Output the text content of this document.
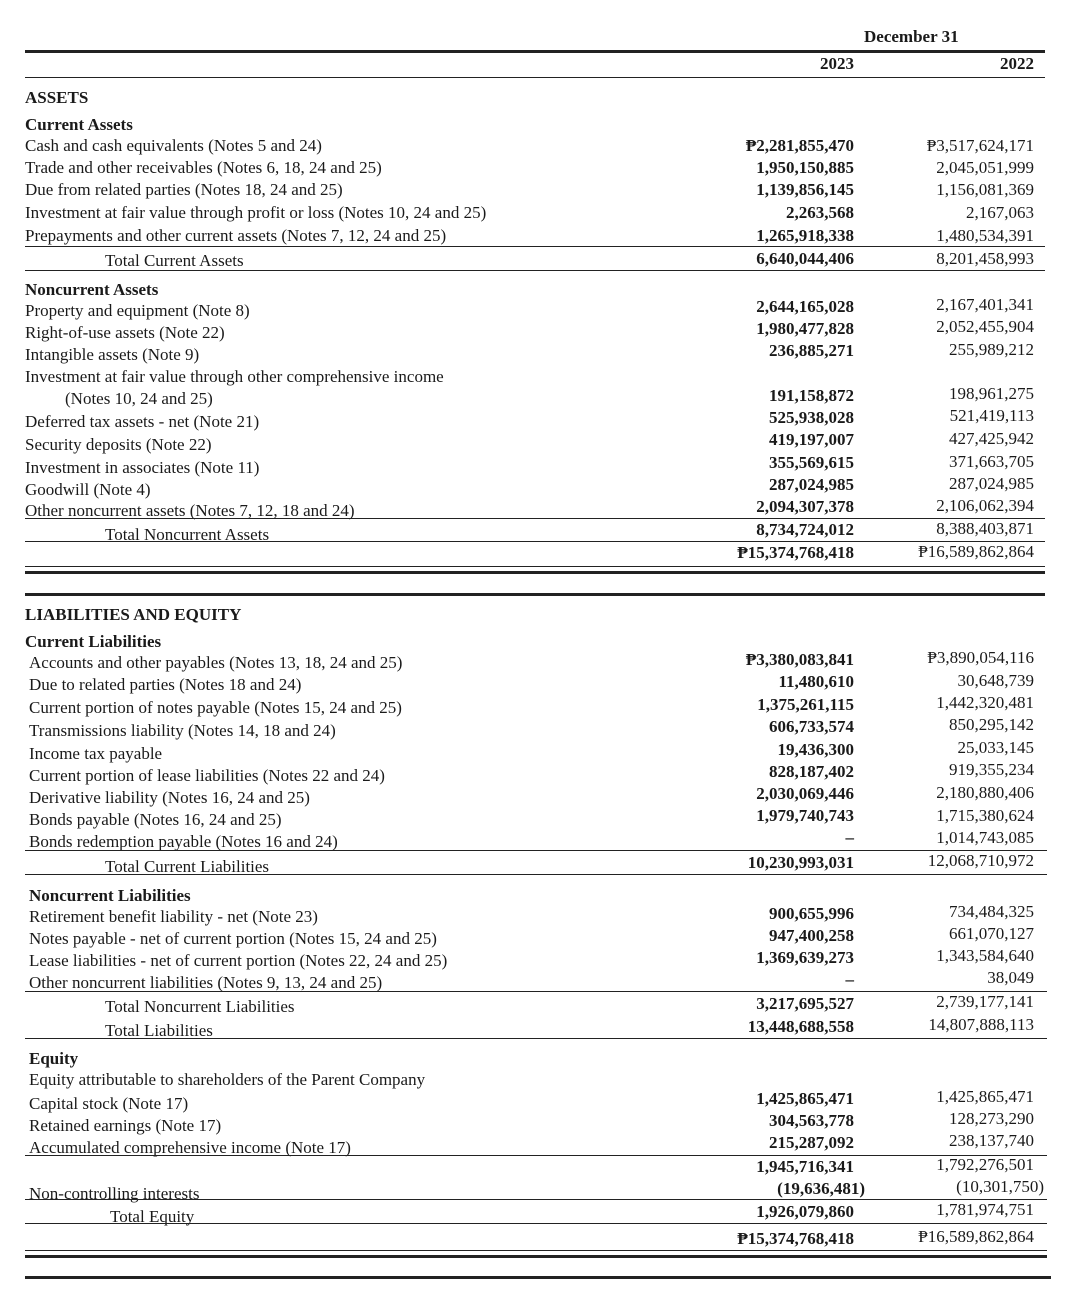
December 31
2023	2022
ASSETS
Current Assets
Cash and cash equivalents (Notes 5 and 24)	₱2,281,855,470	₱3,517,624,171
Trade and other receivables (Notes 6, 18, 24 and 25)	1,950,150,885	2,045,051,999
Due from related parties (Notes 18, 24 and 25)	1,139,856,145	1,156,081,369
Investment at fair value through profit or loss (Notes 10, 24 and 25)	2,263,568	2,167,063
Prepayments and other current assets (Notes 7, 12, 24 and 25)	1,265,918,338	1,480,534,391
Total Current Assets	6,640,044,406	8,201,458,993
Noncurrent Assets
Property and equipment (Note 8)	2,644,165,028	2,167,401,341
Right-of-use assets (Note 22)	1,980,477,828	2,052,455,904
Intangible assets (Note 9)	236,885,271	255,989,212
Investment at fair value through other comprehensive income
(Notes 10, 24 and 25)	191,158,872	198,961,275
Deferred tax assets - net (Note 21)	525,938,028	521,419,113
Security deposits (Note 22)	419,197,007	427,425,942
Investment in associates (Note 11)	355,569,615	371,663,705
Goodwill (Note 4)	287,024,985	287,024,985
Other noncurrent assets (Notes 7, 12, 18 and 24)	2,094,307,378	2,106,062,394
Total Noncurrent Assets	8,734,724,012	8,388,403,871
₱15,374,768,418	₱16,589,862,864
LIABILITIES AND EQUITY
Current Liabilities
Accounts and other payables (Notes 13, 18, 24 and 25)	₱3,380,083,841	₱3,890,054,116
Due to related parties (Notes 18 and 24)	11,480,610	30,648,739
Current portion of notes payable (Notes 15, 24 and 25)	1,375,261,115	1,442,320,481
Transmissions liability (Notes 14, 18 and 24)	606,733,574	850,295,142
Income tax payable	19,436,300	25,033,145
Current portion of lease liabilities (Notes 22 and 24)	828,187,402	919,355,234
Derivative liability (Notes 16, 24 and 25)	2,030,069,446	2,180,880,406
Bonds payable (Notes 16, 24 and 25)	1,979,740,743	1,715,380,624
Bonds redemption payable (Notes 16 and 24)	–	1,014,743,085
Total Current Liabilities	10,230,993,031	12,068,710,972
Noncurrent Liabilities
Retirement benefit liability - net (Note 23)	900,655,996	734,484,325
Notes payable - net of current portion (Notes 15, 24 and 25)	947,400,258	661,070,127
Lease liabilities - net of current portion (Notes 22, 24 and 25)	1,369,639,273	1,343,584,640
Other noncurrent liabilities (Notes 9, 13, 24 and 25)	–	38,049
Total Noncurrent Liabilities	3,217,695,527	2,739,177,141
Total Liabilities	13,448,688,558	14,807,888,113
Equity
Equity attributable to shareholders of the Parent Company
Capital stock (Note 17)	1,425,865,471	1,425,865,471
Retained earnings (Note 17)	304,563,778	128,273,290
Accumulated comprehensive income (Note 17)	215,287,092	238,137,740
1,945,716,341	1,792,276,501
Non-controlling interests	(19,636,481)	(10,301,750)
Total Equity	1,926,079,860	1,781,974,751
₱15,374,768,418	₱16,589,862,864
